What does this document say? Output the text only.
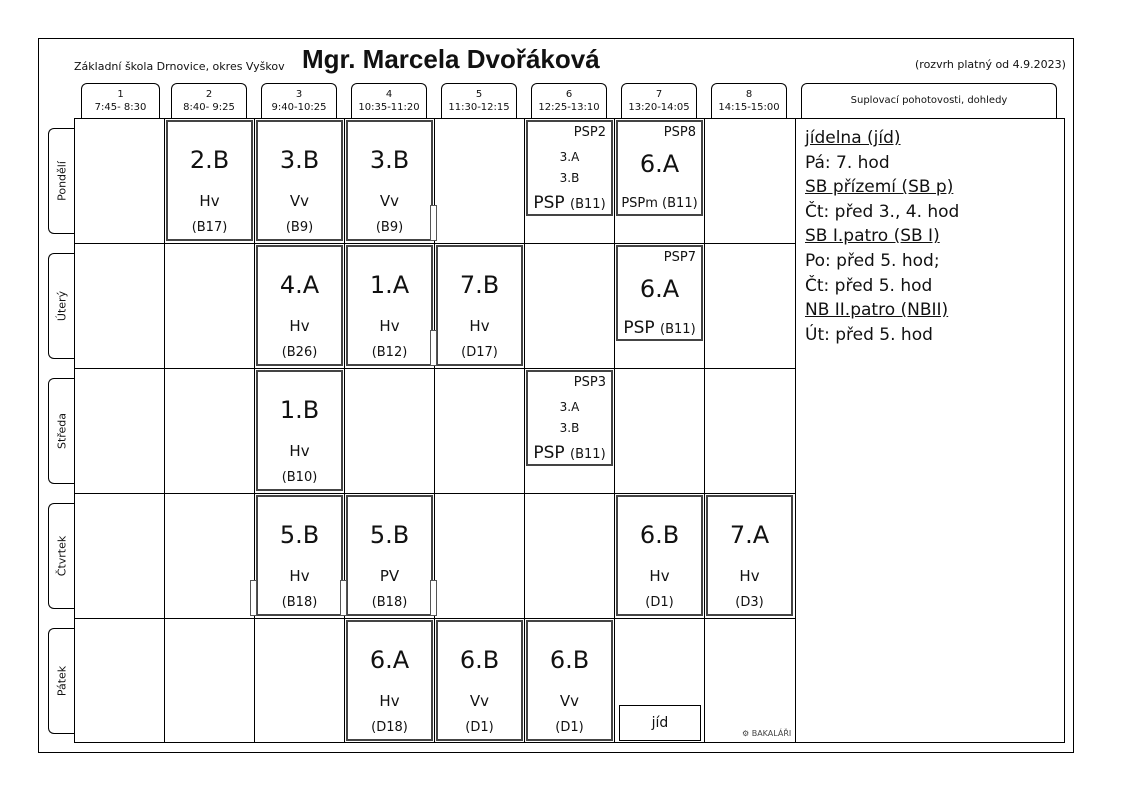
Základní škola Drnovice, okres Vyškov Mgr. Marcela Dvořáková	(rozvrh platný od 4.9.2023)
1
7:45- 8:30
2
8:40- 9:25
3
9:40-10:25
4
10:35-11:20
5
11:30-12:15
6
12:25-13:10
7
13:20-14:05
8
14:15-15:00
Suplovací pohotovosti, dohledy
Pondělí
Úterý
Středa
Čtvrtek
Pátek
2.B
Hv
(B17)
3.B
Vv
(B9)
3.B
Vv
(B9)
PSP2
3.A
3.B
PSP (B11)
PSP8
6.A
PSPm (B11)
4.A
Hv
(B26)
1.A
Hv
(B12)
7.B
Hv
(D17)
PSP7
6.A
PSP (B11)
1.B
Hv
(B10)
PSP3
3.A
3.B
PSP (B11)
5.B
Hv
(B18)
5.B
PV
(B18)
6.B
Hv
(D1)
7.A
Hv
(D3)
6.A
Hv
(D18)
6.B
Vv
(D1)
6.B
Vv
(D1)	jíd
jídelna (jíd)
Pá: 7. hod
SB přízemí (SB p)
Čt: před 3., 4. hod
SB I.patro (SB I)
Po: před 5. hod;
Čt: před 5. hod
NB II.patro (NBII)
Út: před 5. hod
⚙ BAKALÁŘI
